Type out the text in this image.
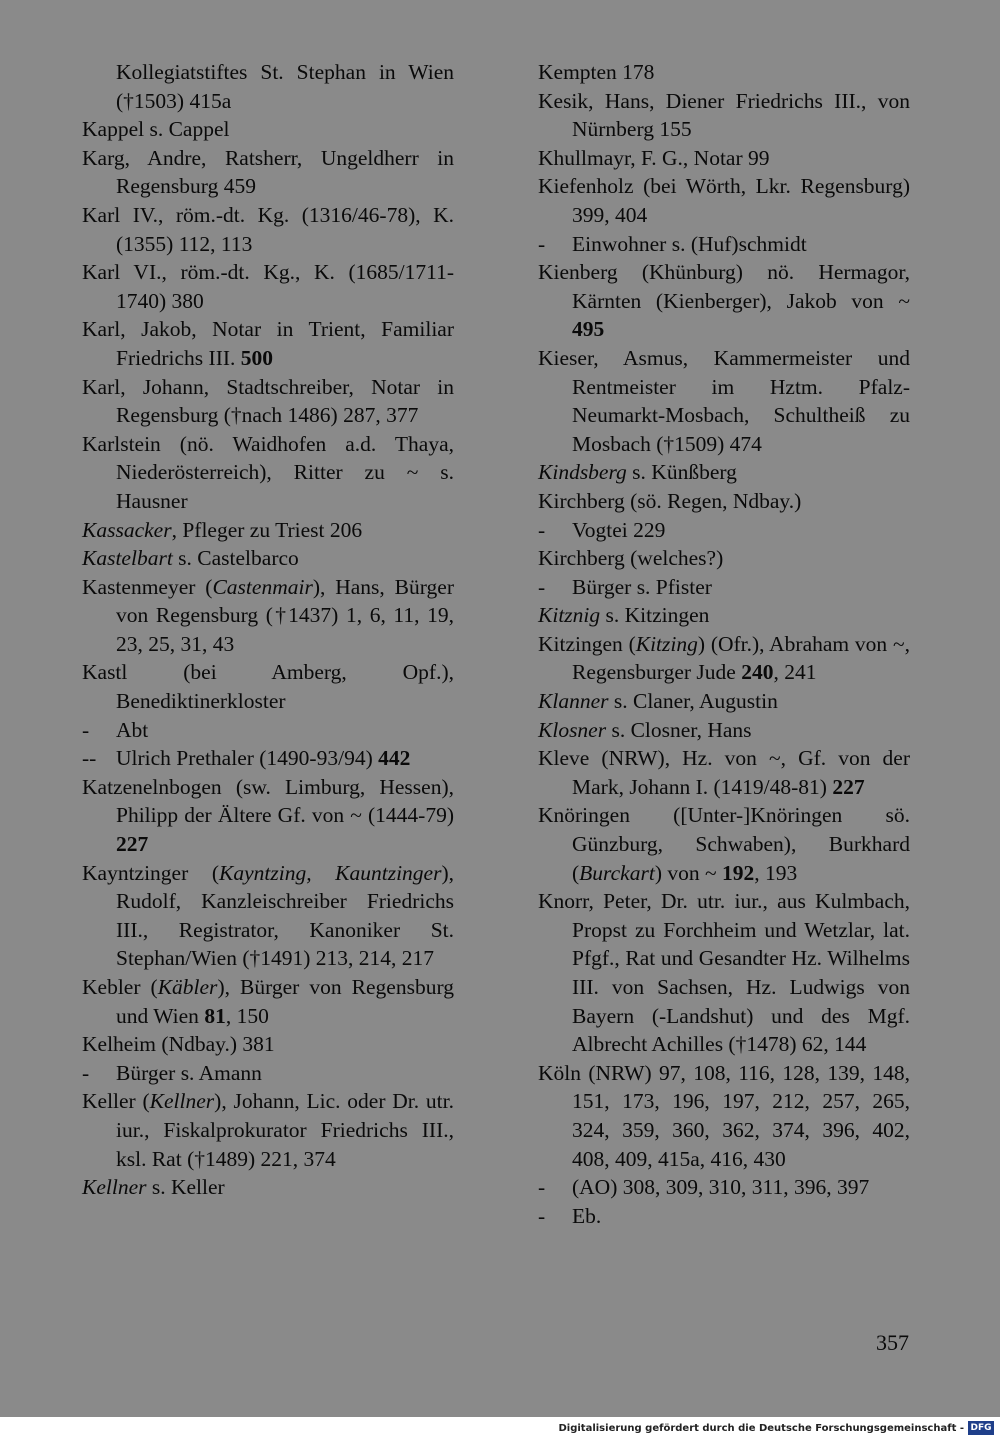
Kollegiatstiftes St. Stephan in Wien (†1503) 415a
Kappel s. Cappel
Karg, Andre, Ratsherr, Ungeldherr in Regensburg 459
Karl IV., röm.-dt. Kg. (1316/46-78), K. (1355) 112, 113
Karl VI., röm.-dt. Kg., K. (1685/1711-1740) 380
Karl, Jakob, Notar in Trient, Familiar Friedrichs III. 500
Karl, Johann, Stadtschreiber, Notar in Regensburg (†nach 1486) 287, 377
Karlstein (nö. Waidhofen a.d. Thaya, Niederösterreich), Ritter zu ~ s. Hausner
Kassacker, Pfleger zu Triest 206
Kastelbart s. Castelbarco
Kastenmeyer (Castenmair), Hans, Bürger von Regensburg (†1437) 1, 6, 11, 19, 23, 25, 31, 43
Kastl (bei Amberg, Opf.), Benediktinerkloster
-	Abt
-- Ulrich Prethaler (1490-93/94) 442
Katzenelnbogen (sw. Limburg, Hessen), Philipp der Ältere Gf. von ~ (1444-79) 227
Kayntzinger (Kayntzing, Kauntzinger), Rudolf, Kanzleischreiber Friedrichs III., Registrator, Kanoniker St. Stephan/Wien (†1491) 213, 214, 217
Kebler (Käbler), Bürger von Regensburg und Wien 81, 150
Kelheim (Ndbay.) 381
-	Bürger s. Amann
Keller (Kellner), Johann, Lic. oder Dr. utr. iur., Fiskalprokurator Friedrichs III., ksl. Rat (†1489) 221, 374
Kellner s. Keller
Kempten 178
Kesik, Hans, Diener Friedrichs III., von Nürnberg 155
Khullmayr, F. G., Notar 99
Kiefenholz (bei Wörth, Lkr. Regensburg) 399, 404
-	Einwohner s. (Huf)schmidt
Kienberg (Khünburg) nö. Hermagor, Kärnten (Kienberger), Jakob von ~ 495
Kieser, Asmus, Kammermeister und Rentmeister im Hztm. Pfalz-Neumarkt-Mosbach, Schultheiß zu Mosbach (†1509) 474
Kindsberg s. Künßberg
Kirchberg (sö. Regen, Ndbay.)
-	Vogtei 229
Kirchberg (welches?)
-	Bürger s. Pfister
Kitznig s. Kitzingen
Kitzingen (Kitzing) (Ofr.), Abraham von ~, Regensburger Jude 240, 241
Klanner s. Claner, Augustin
Klosner s. Closner, Hans
Kleve (NRW), Hz. von ~, Gf. von der Mark, Johann I. (1419/48-81) 227
Knöringen ([Unter-]Knöringen sö. Günzburg, Schwaben), Burkhard (Burckart) von ~ 192, 193
Knorr, Peter, Dr. utr. iur., aus Kulmbach, Propst zu Forchheim und Wetzlar, lat. Pfgf., Rat und Gesandter Hz. Wilhelms III. von Sachsen, Hz. Ludwigs von Bayern (-Landshut) und des Mgf. Albrecht Achilles (†1478) 62, 144
Köln (NRW) 97, 108, 116, 128, 139, 148, 151, 173, 196, 197, 212, 257, 265, 324, 359, 360, 362, 374, 396, 402, 408, 409, 415a, 416, 430
-	(AO) 308, 309, 310, 311, 396, 397
-	Eb.
357
Digitalisierung gefördert durch die Deutsche Forschungsgemeinschaft - DFG
